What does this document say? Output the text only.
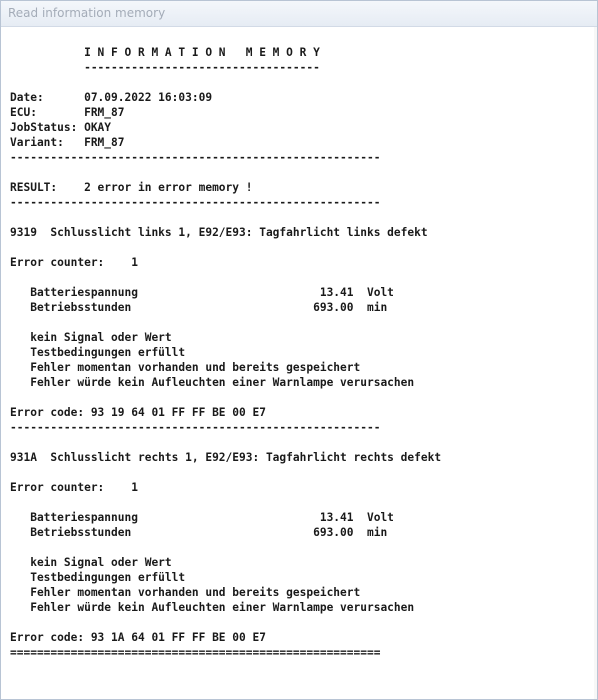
Read information memory

I N F O R M A T I O N   M E M O R Y
-----------------------------------

Date:      07.09.2022 16:03:09
ECU:       FRM_87
JobStatus: OKAY
Variant:   FRM_87
-------------------------------------------------------

RESULT:    2 error in error memory !
-------------------------------------------------------

9319  Schlusslicht links 1, E92/E93: Tagfahrlicht links defekt

Error counter:    1

Batteriespannung                           13.41  Volt
Betriebsstunden                           693.00  min

kein Signal oder Wert
Testbedingungen erfüllt
Fehler momentan vorhanden und bereits gespeichert
Fehler würde kein Aufleuchten einer Warnlampe verursachen

Error code: 93 19 64 01 FF FF BE 00 E7
-------------------------------------------------------

931A  Schlusslicht rechts 1, E92/E93: Tagfahrlicht rechts defekt

Error counter:    1

Batteriespannung                           13.41  Volt
Betriebsstunden                           693.00  min

kein Signal oder Wert
Testbedingungen erfüllt
Fehler momentan vorhanden und bereits gespeichert
Fehler würde kein Aufleuchten einer Warnlampe verursachen

Error code: 93 1A 64 01 FF FF BE 00 E7
=======================================================
